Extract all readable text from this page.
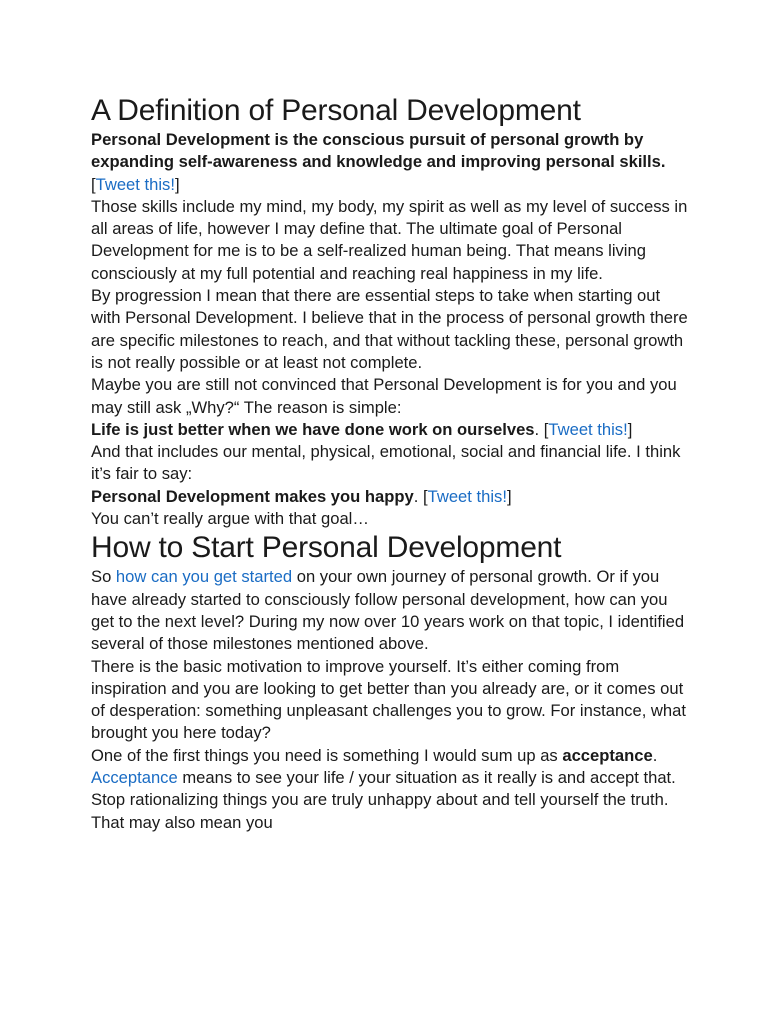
A Definition of Personal Development

Personal Development is the conscious pursuit of personal growth by expanding self-awareness and knowledge and improving personal skills. [Tweet this!]

Those skills include my mind, my body, my spirit as well as my level of success in all areas of life, however I may define that. The ultimate goal of Personal Development for me is to be a self-realized human being. That means living consciously at my full potential and reaching real happiness in my life.

By progression I mean that there are essential steps to take when starting out with Personal Development. I believe that in the process of personal growth there are specific milestones to reach, and that without tackling these, personal growth is not really possible or at least not complete.

Maybe you are still not convinced that Personal Development is for you and you may still ask „Why?“ The reason is simple:

Life is just better when we have done work on ourselves. [Tweet this!]

And that includes our mental, physical, emotional, social and financial life. I think it’s fair to say:

Personal Development makes you happy. [Tweet this!]

You can’t really argue with that goal…

How to Start Personal Development

So how can you get started on your own journey of personal growth. Or if you have already started to consciously follow personal development, how can you get to the next level? During my now over 10 years work on that topic, I identified several of those milestones mentioned above.

There is the basic motivation to improve yourself. It’s either coming from inspiration and you are looking to get better than you already are, or it comes out of desperation: something unpleasant challenges you to grow. For instance, what brought you here today?

One of the first things you need is something I would sum up as acceptance. Acceptance means to see your life / your situation as it really is and accept that. Stop rationalizing things you are truly unhappy about and tell yourself the truth. That may also mean you
